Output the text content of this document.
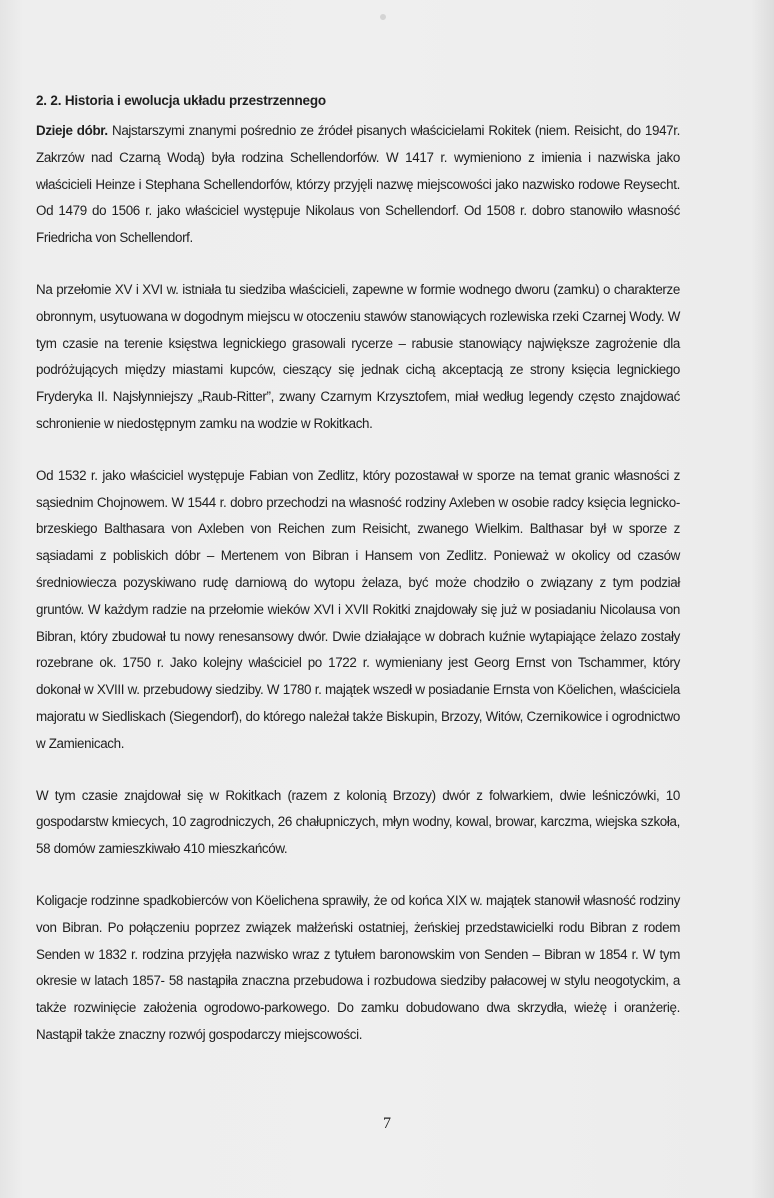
2. 2. Historia i ewolucja układu przestrzennego

Dzieje dóbr. Najstarszymi znanymi pośrednio ze źródeł pisanych właścicielami Rokitek (niem. Reisicht, do 1947r. Zakrzów nad Czarną Wodą) była rodzina Schellendorfów. W 1417 r. wymieniono z imienia i nazwiska jako właścicieli Heinze i Stephana Schellendorfów, którzy przyjęli nazwę miejscowości jako nazwisko rodowe Reysecht. Od 1479 do 1506 r. jako właściciel występuje Nikolaus von Schellendorf. Od 1508 r. dobro stanowiło własność Friedricha von Schellendorf.

Na przełomie XV i XVI w. istniała tu siedziba właścicieli, zapewne w formie wodnego dworu (zamku) o charakterze obronnym, usytuowana w dogodnym miejscu w otoczeniu stawów stanowiących rozlewiska rzeki Czarnej Wody. W tym czasie na terenie księstwa legnickiego grasowali rycerze – rabusie stanowiący największe zagrożenie dla podróżujących między miastami kupców, cieszący się jednak cichą akceptacją ze strony księcia legnickiego Fryderyka II. Najsłynniejszy „Raub-Ritter”, zwany Czarnym Krzysztofem, miał według legendy często znajdować schronienie w niedostępnym zamku na wodzie w Rokitkach.

Od 1532 r. jako właściciel występuje Fabian von Zedlitz, który pozostawał w sporze na temat granic własności z sąsiednim Chojnowem. W 1544 r. dobro przechodzi na własność rodziny Axleben w osobie radcy księcia legnicko-brzeskiego Balthasara von Axleben von Reichen zum Reisicht, zwanego Wielkim. Balthasar był w sporze z sąsiadami z pobliskich dóbr – Mertenem von Bibran i Hansem von Zedlitz. Ponieważ w okolicy od czasów średniowiecza pozyskiwano rudę darniową do wytopu żelaza, być może chodziło o związany z tym podział gruntów. W każdym radzie na przełomie wieków XVI i XVII Rokitki znajdowały się już w posiadaniu Nicolausa von Bibran, który zbudował tu nowy renesansowy dwór. Dwie działające w dobrach kuźnie wytapiające żelazo zostały rozebrane ok. 1750 r. Jako kolejny właściciel po 1722 r. wymieniany jest Georg Ernst von Tschammer, który dokonał w XVIII w. przebudowy siedziby. W 1780 r. majątek wszedł w posiadanie Ernsta von Köelichen, właściciela majoratu w Siedliskach (Siegendorf), do którego należał także Biskupin, Brzozy, Witów, Czernikowice i ogrodnictwo w Zamienicach.

W tym czasie znajdował się w Rokitkach (razem z kolonią Brzozy) dwór z folwarkiem, dwie leśniczówki, 10 gospodarstw kmiecych, 10 zagrodniczych, 26 chałupniczych, młyn wodny, kowal, browar, karczma, wiejska szkoła, 58 domów zamieszkiwało 410 mieszkańców.

Koligacje rodzinne spadkobierców von Köelichena sprawiły, że od końca XIX w. majątek stanowił własność rodziny von Bibran. Po połączeniu poprzez związek małżeński ostatniej, żeńskiej przedstawicielki rodu Bibran z rodem Senden w 1832 r. rodzina przyjęła nazwisko wraz z tytułem baronowskim von Senden – Bibran w 1854 r. W tym okresie w latach 1857- 58 nastąpiła znaczna przebudowa i rozbudowa siedziby pałacowej w stylu neogotyckim, a także rozwinięcie założenia ogrodowo-parkowego. Do zamku dobudowano dwa skrzydła, wieżę i oranżerię. Nastąpił także znaczny rozwój gospodarczy miejscowości.

7
